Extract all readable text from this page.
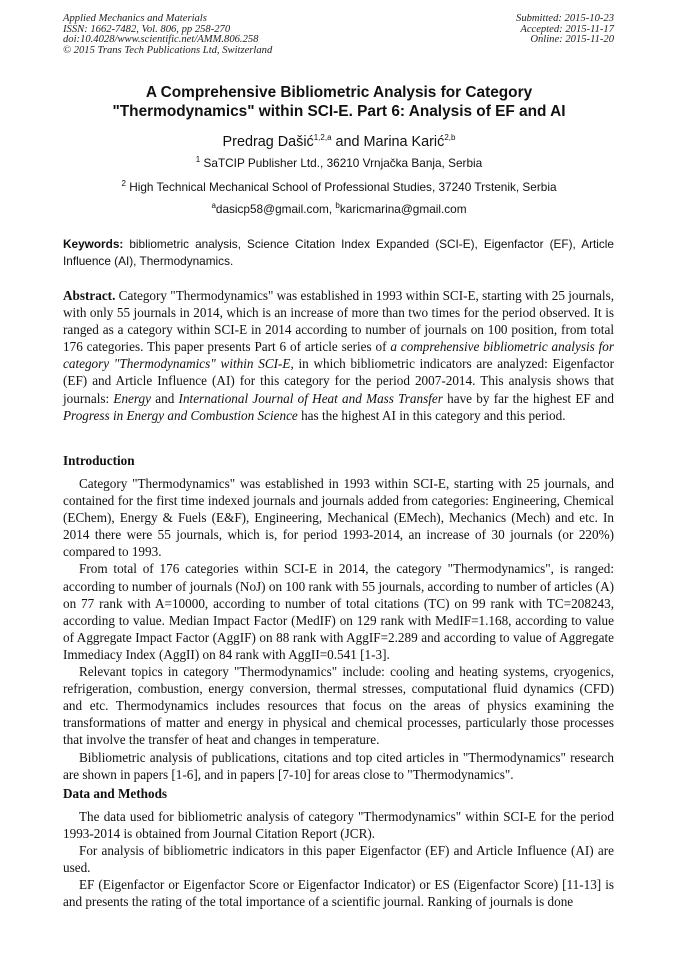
Applied Mechanics and Materials
ISSN: 1662-7482, Vol. 806, pp 258-270
doi:10.4028/www.scientific.net/AMM.806.258
© 2015 Trans Tech Publications Ltd, Switzerland
Submitted: 2015-10-23
Accepted: 2015-11-17
Online: 2015-11-20
A Comprehensive Bibliometric Analysis for Category
"Thermodynamics" within SCI-E. Part 6: Analysis of EF and AI
Predrag Dašić$^{1,2,a}$ and Marina Karić$^{2,b}$
$^1$ SaTCIP Publisher Ltd., 36210 Vrnjačka Banja, Serbia
$^2$ High Technical Mechanical School of Professional Studies, 37240 Trstenik, Serbia
$^a$dasicp58@gmail.com, $^b$karicmarina@gmail.com
Keywords: bibliometric analysis, Science Citation Index Expanded (SCI-E), Eigenfactor (EF), Article Influence (AI), Thermodynamics.

Abstract. Category "Thermodynamics" was established in 1993 within SCI-E, starting with 25 journals, with only 55 journals in 2014, which is an increase of more than two times for the period observed. It is ranged as a category within SCI-E in 2014 according to number of journals on 100 position, from total 176 categories. This paper presents Part 6 of article series of a comprehensive bibliometric analysis for category "Thermodynamics" within SCI-E, in which bibliometric indicators are analyzed: Eigenfactor (EF) and Article Influence (AI) for this category for the period 2007-2014. This analysis shows that journals: Energy and International Journal of Heat and Mass Transfer have by far the highest EF and Progress in Energy and Combustion Science has the highest AI in this category and this period.

Introduction

Category "Thermodynamics" was established in 1993 within SCI-E, starting with 25 journals, and contained for the first time indexed journals and journals added from categories: Engineering, Chemical (EChem), Energy & Fuels (E&F), Engineering, Mechanical (EMech), Mechanics (Mech) and etc. In 2014 there were 55 journals, which is, for period 1993-2014, an increase of 30 journals (or 220%) compared to 1993.

From total of 176 categories within SCI-E in 2014, the category "Thermodynamics", is ranged: according to number of journals (NoJ) on 100 rank with 55 journals, according to number of articles (A) on 77 rank with A=10000, according to number of total citations (TC) on 99 rank with TC=208243, according to value. Median Impact Factor (MedIF) on 129 rank with MedIF=1.168, according to value of Aggregate Impact Factor (AggIF) on 88 rank with AggIF=2.289 and according to value of Aggregate Immediacy Index (AggII) on 84 rank with AggII=0.541 [1-3].

Relevant topics in category "Thermodynamics" include: cooling and heating systems, cryogenics, refrigeration, combustion, energy conversion, thermal stresses, computational fluid dynamics (CFD) and etc. Thermodynamics includes resources that focus on the areas of physics examining the transformations of matter and energy in physical and chemical processes, particularly those processes that involve the transfer of heat and changes in temperature.

Bibliometric analysis of publications, citations and top cited articles in "Thermodynamics" research are shown in papers [1-6], and in papers [7-10] for areas close to "Thermodynamics".

Data and Methods

The data used for bibliometric analysis of category "Thermodynamics" within SCI-E for the period 1993-2014 is obtained from Journal Citation Report (JCR).

For analysis of bibliometric indicators in this paper Eigenfactor (EF) and Article Influence (AI) are used.

EF (Eigenfactor or Eigenfactor Score or Eigenfactor Indicator) or ES (Eigenfactor Score) [11-13] is and presents the rating of the total importance of a scientific journal. Ranking of journals is done
